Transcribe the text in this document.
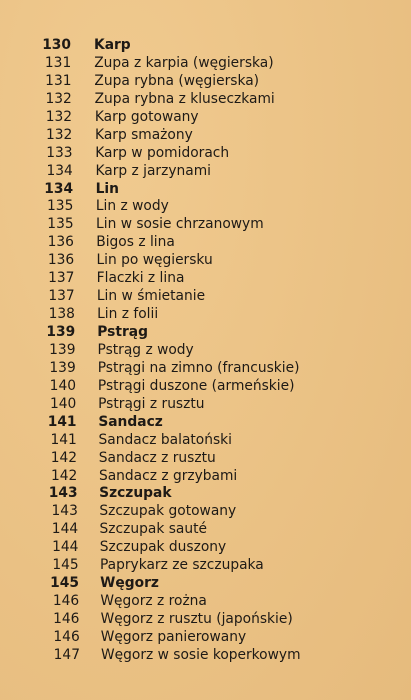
130 Karp
131 Zupa z karpia (węgierska)
131 Zupa rybna (węgierska)
132 Zupa rybna z kluseczkami
132 Karp gotowany
132 Karp smażony
133 Karp w pomidorach
134 Karp z jarzynami
134 Lin
135 Lin z wody
135 Lin w sosie chrzanowym
136 Bigos z lina
136 Lin po węgiersku
137 Flaczki z lina
137 Lin w śmietanie
138 Lin z folii
139 Pstrąg
139 Pstrąg z wody
139 Pstrągi na zimno (francuskie)
140 Pstrągi duszone (armeńskie)
140 Pstrągi z rusztu
141 Sandacz
141 Sandacz balatoński
142 Sandacz z rusztu
142 Sandacz z grzybami
143 Szczupak
143 Szczupak gotowany
144 Szczupak sauté
144 Szczupak duszony
145 Paprykarz ze szczupaka
145 Węgorz
146 Węgorz z rożna
146 Węgorz z rusztu (japońskie)
146 Węgorz panierowany
147 Węgorz w sosie koperkowym
